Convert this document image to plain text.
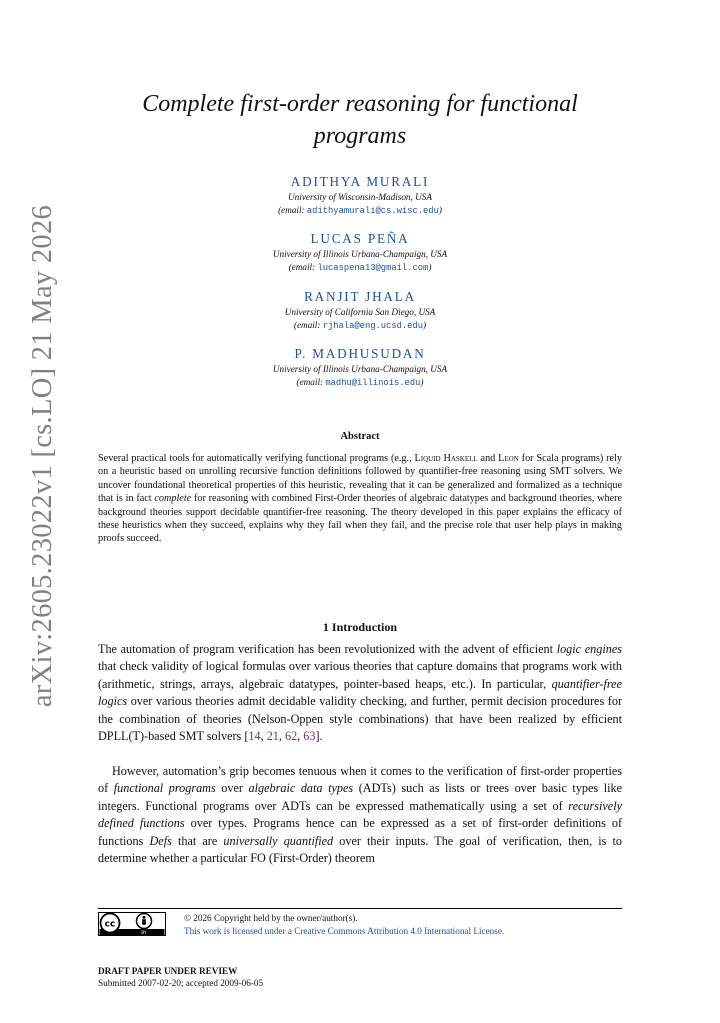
arXiv:2605.23022v1 [cs.LO] 21 May 2026
Complete first-order reasoning for functional programs
ADITHYA MURALI
University of Wisconsin-Madison, USA
(email: adithyamurali@cs.wisc.edu)
LUCAS PEÑA
University of Illinois Urbana-Champaign, USA
(email: lucaspena13@gmail.com)
RANJIT JHALA
University of California San Diego, USA
(email: rjhala@eng.ucsd.edu)
P. MADHUSUDAN
University of Illinois Urbana-Champaign, USA
(email: madhu@illinois.edu)
Abstract

Several practical tools for automatically verifying functional programs (e.g., Liquid Haskell and Leon for Scala programs) rely on a heuristic based on unrolling recursive function definitions followed by quantifier-free reasoning using SMT solvers. We uncover foundational theoretical properties of this heuristic, revealing that it can be generalized and formalized as a technique that is in fact complete for reasoning with combined First-Order theories of algebraic datatypes and background theories, where background theories support decidable quantifier-free reasoning. The theory developed in this paper explains the efficacy of these heuristics when they succeed, explains why they fail when they fail, and the precise role that user help plays in making proofs succeed.

1 Introduction

The automation of program verification has been revolutionized with the advent of efficient logic engines that check validity of logical formulas over various theories that capture domains that programs work with (arithmetic, strings, arrays, algebraic datatypes, pointer-based heaps, etc.). In particular, quantifier-free logics over various theories admit decidable validity checking, and further, permit decision procedures for the combination of theories (Nelson-Oppen style combinations) that have been realized by efficient DPLL(T)-based SMT solvers [14, 21, 62, 63].

However, automation’s grip becomes tenuous when it comes to the verification of first-order properties of functional programs over algebraic data types (ADTs) such as lists or trees over basic types like integers. Functional programs over ADTs can be expressed mathematically using a set of recursively defined functions over types. Programs hence can be expressed as a set of first-order definitions of functions Defs that are universally quantified over their inputs. The goal of verification, then, is to determine whether a particular FO (First-Order) theorem

cc
BY
© 2026 Copyright held by the owner/author(s).
This work is licensed under a Creative Commons Attribution 4.0 International License.
DRAFT PAPER UNDER REVIEW
Submitted 2007-02-20; accepted 2009-06-05
